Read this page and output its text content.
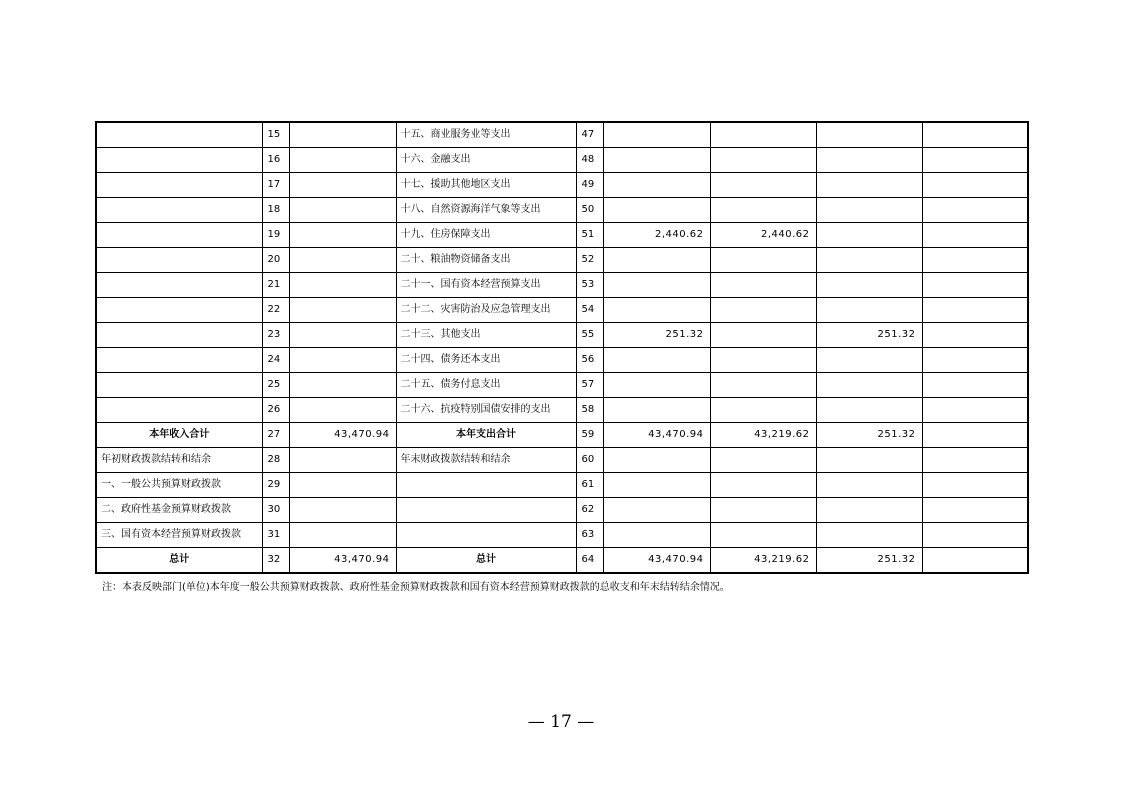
	15		十五、商业服务业等支出	47				
	16		十六、金融支出	48				
	17		十七、援助其他地区支出	49				
	18		十八、自然资源海洋气象等支出	50				
	19		十九、住房保障支出	51	2,440.62	2,440.62		
	20		二十、粮油物资储备支出	52				
	21		二十一、国有资本经营预算支出	53				
	22		二十二、灾害防治及应急管理支出	54				
	23		二十三、其他支出	55	251.32		251.32	
	24		二十四、债务还本支出	56				
	25		二十五、债务付息支出	57				
	26		二十六、抗疫特别国债安排的支出	58				
本年收入合计	27	43,470.94	本年支出合计	59	43,470.94	43,219.62	251.32	
年初财政拨款结转和结余	28		年末财政拨款结转和结余	60				
一、一般公共预算财政拨款	29			61				
二、政府性基金预算财政拨款	30			62				
三、国有资本经营预算财政拨款	31			63				
总计	32	43,470.94	总计	64	43,470.94	43,219.62	251.32	
注：本表反映部门(单位)本年度一般公共预算财政拨款、政府性基金预算财政拨款和国有资本经营预算财政拨款的总收支和年末结转结余情况。
— 17 —
